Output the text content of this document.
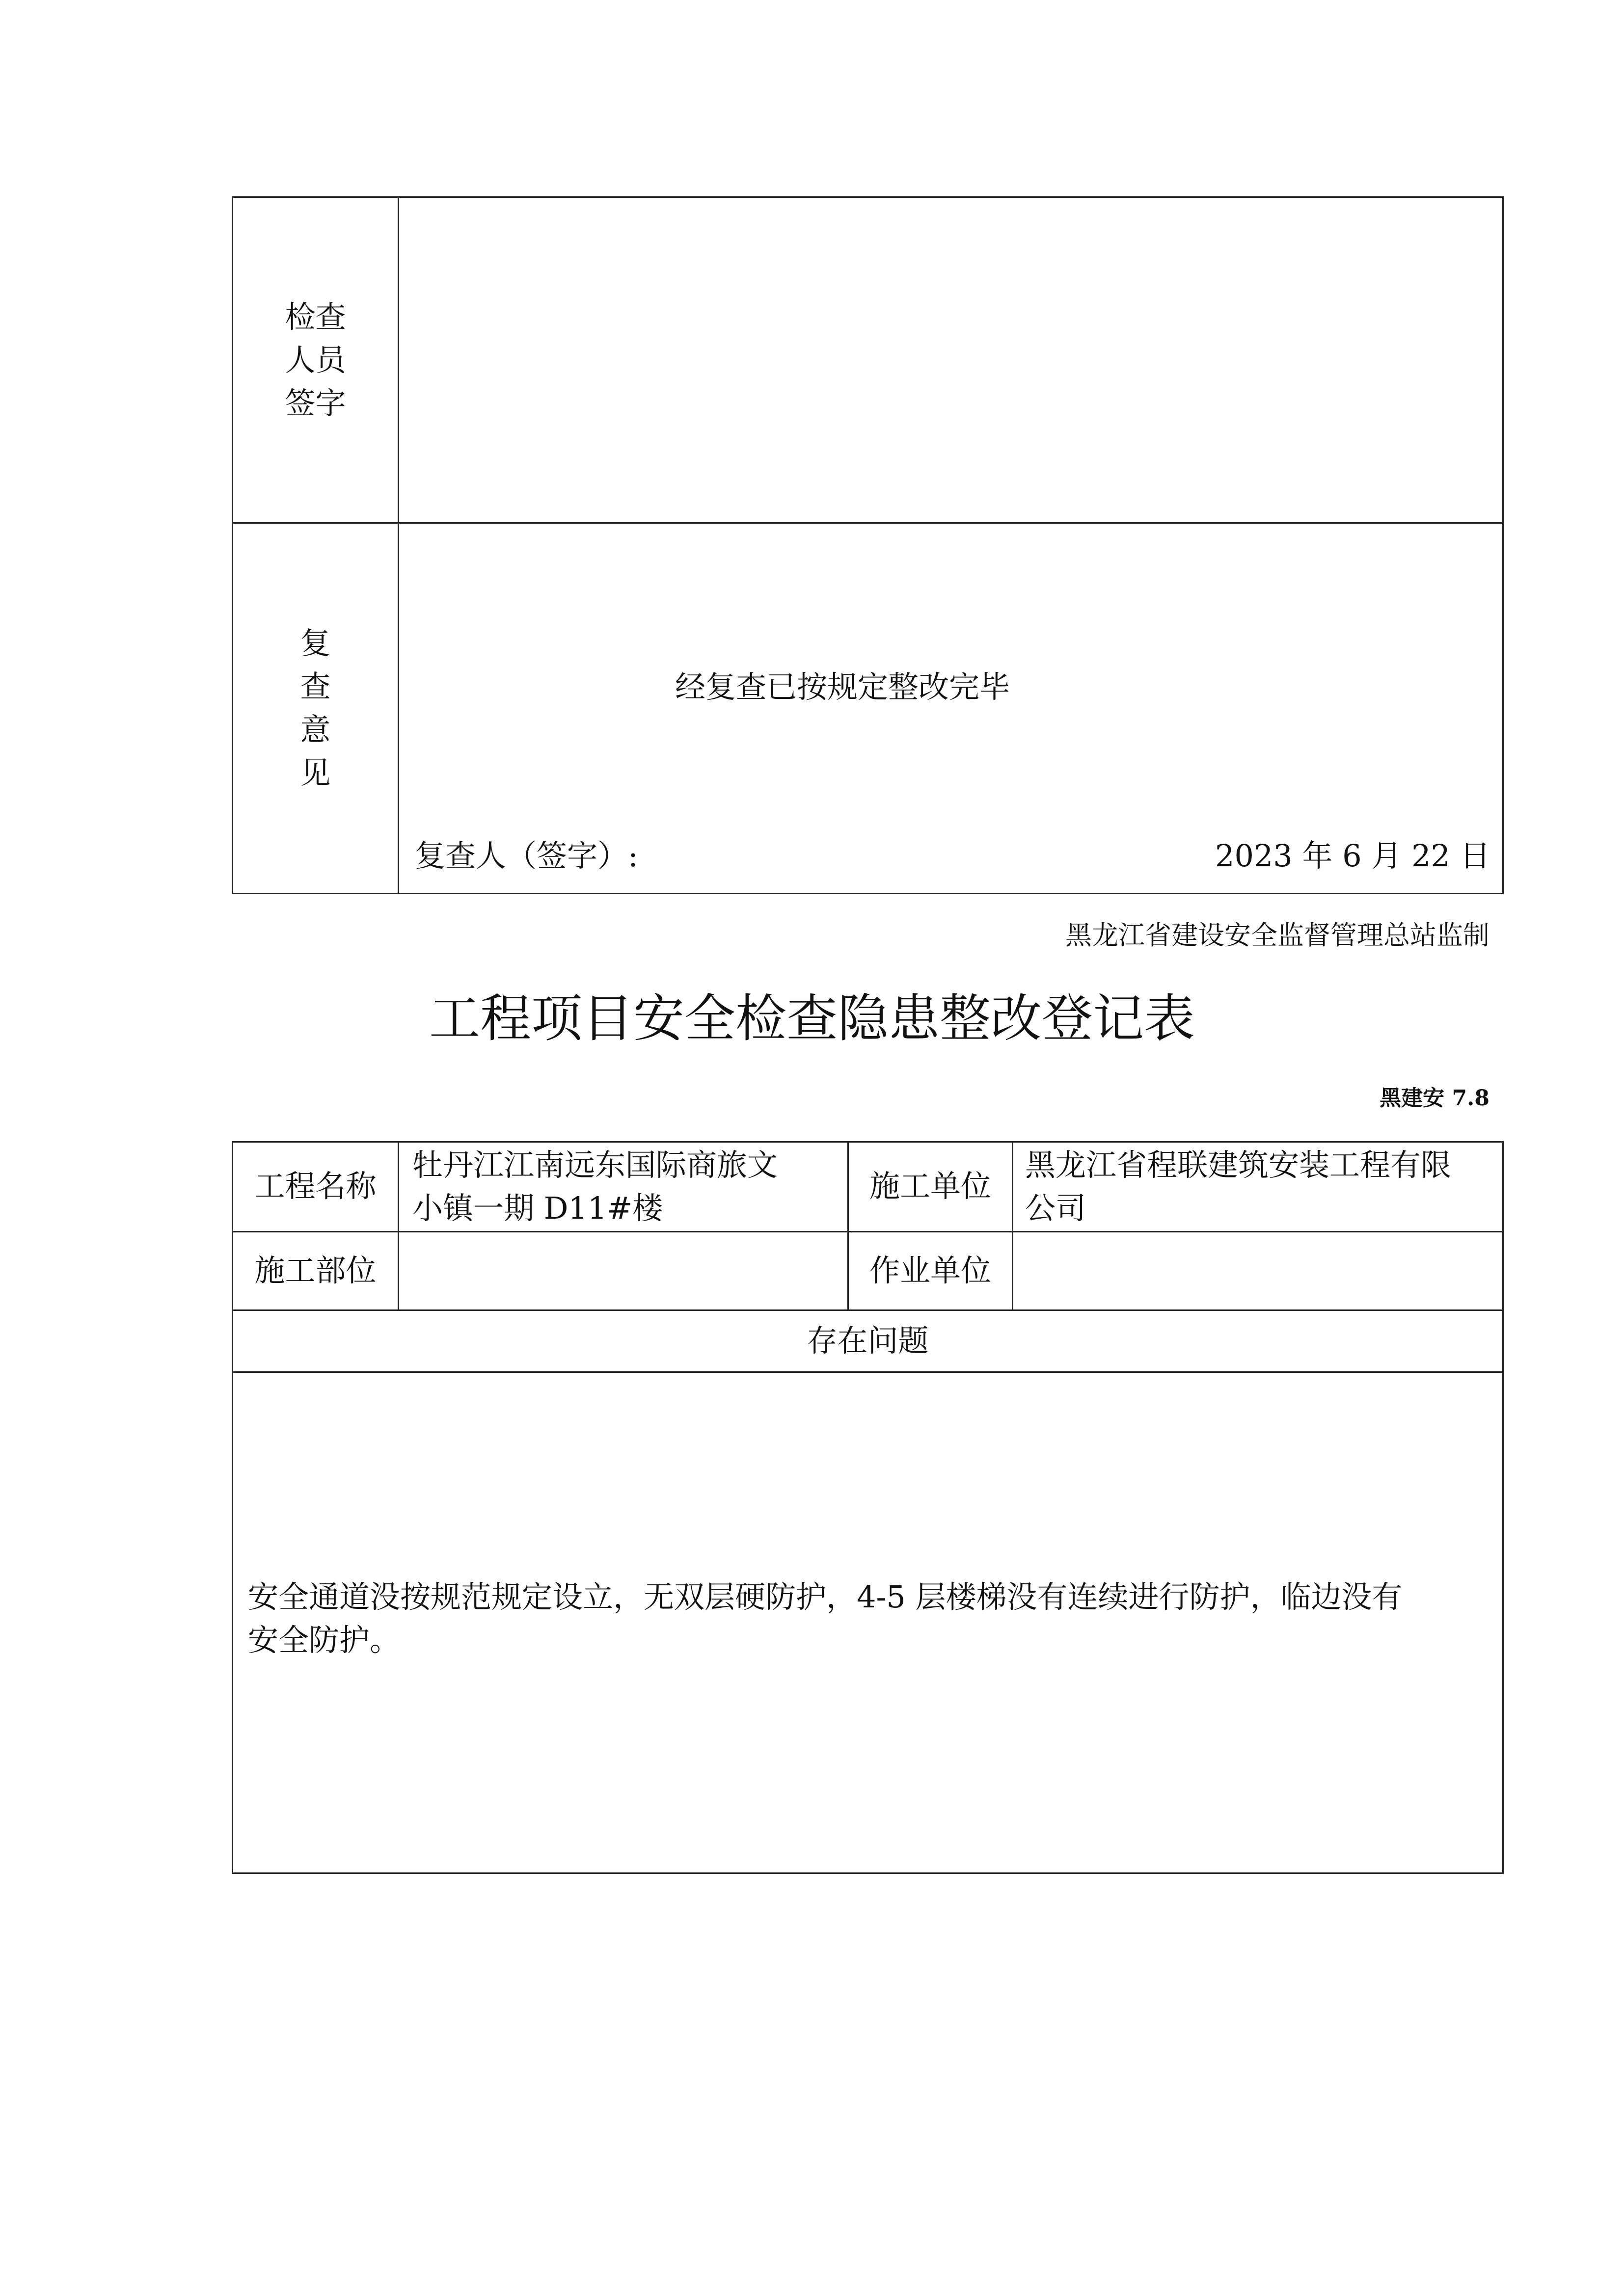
检查
人员
签字
复
查
意
见
经复查已按规定整改完毕
复查人（签字）:	2023 年 6 月 22 日
黑龙江省建设安全监督管理总站监制
工程项目安全检查隐患整改登记表
黑建安 7.8
工程名称
牡丹江江南远东国际商旅文
小镇一期 D11#楼
施工单位
黑龙江省程联建筑安装工程有限
公司
施工部位	作业单位
存在问题
安全通道没按规范规定设立，无双层硬防护，4-5 层楼梯没有连续进行防护，临边没有
安全防护。
